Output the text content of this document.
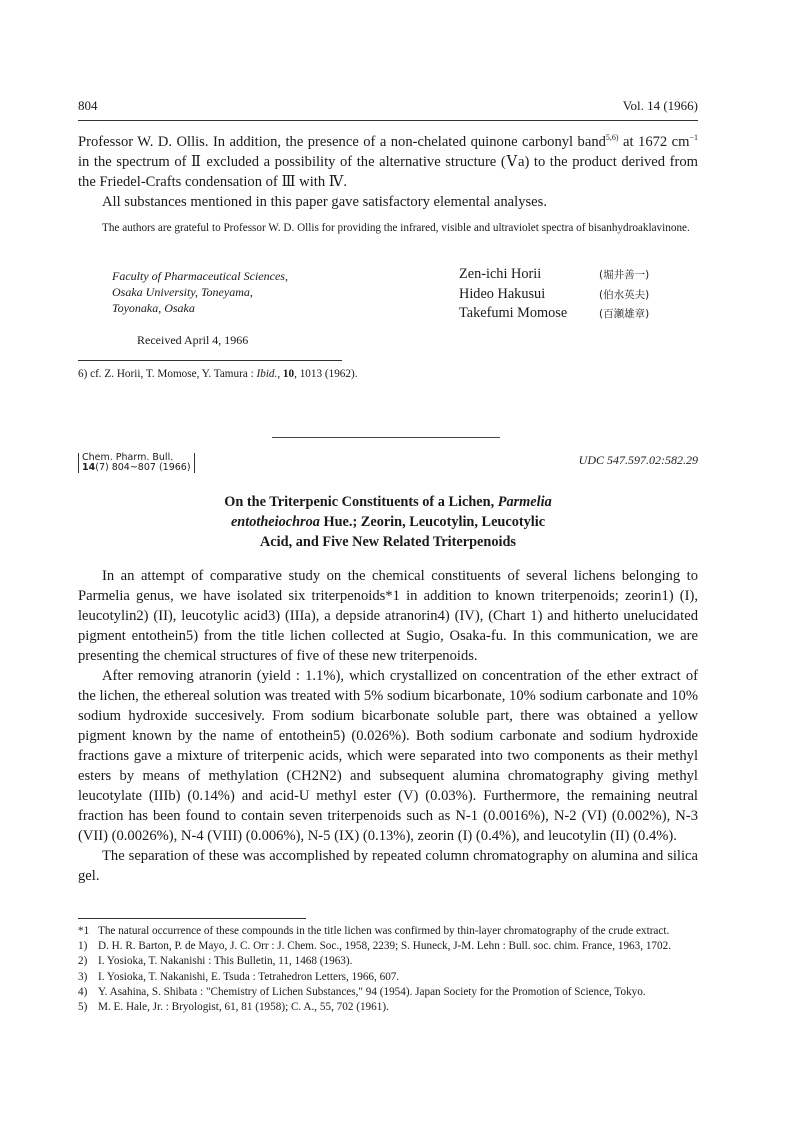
804	Vol. 14 (1966)

Professor W. D. Ollis. In addition, the presence of a non-chelated quinone carbonyl band$^{5,6)}$ at 1672 $cm^{-1}$ in the spectrum of Ⅱ excluded a possibility of the alternative structure (Ⅴa) to the product derived from the Friedel-Crafts condensation of Ⅲ with Ⅳ.

All substances mentioned in this paper gave satisfactory elemental analyses.

The authors are grateful to Professor W. D. Ollis for providing the infrared, visible and ultraviolet spectra of bisanhydroaklavinone.

Faculty of Pharmaceutical Sciences,
Osaka University, Toneyama,
Toyonaka, Osaka
Zen-ichi Horii	(堀井善一)
Hideo Hakusui	(伯水英夫)
Takefumi Momose	(百瀬雄章)
Received April 4, 1966
6) cf. Z. Horii, T. Momose, Y. Tamura : Ibid., 10, 1013 (1962).
Chem. Pharm. Bull.
14(7) 804~807 (1966)
UDC 547.597.02:582.29
On the Triterpenic Constituents of a Lichen, Parmelia
entotheiochroa Hue.; Zeorin, Leucotylin, Leucotylic
Acid, and Five New Related Triterpenoids

In an attempt of comparative study on the chemical constituents of several lichens belonging to Parmelia genus, we have isolated six triterpenoids*1 in addition to known triterpenoids; zeorin1) (I), leucotylin2) (II), leucotylic acid3) (IIIa), a depside atranorin4) (IV), (Chart 1) and hitherto unelucidated pigment entothein5) from the title lichen collected at Sugio, Osaka-fu. In this communication, we are presenting the chemical structures of five of these new triterpenoids.

After removing atranorin (yield : 1.1%), which crystallized on concentration of the ether extract of the lichen, the ethereal solution was treated with 5% sodium bicarbonate, 10% sodium carbonate and 10% sodium hydroxide succesively. From sodium bicarbonate soluble part, there was obtained a yellow pigment known by the name of entothein5) (0.026%). Both sodium carbonate and sodium hydroxide fractions gave a mixture of triterpenic acids, which were separated into two components as their methyl esters by means of methylation (CH2N2) and subsequent alumina chromatography giving methyl leucotylate (IIIb) (0.14%) and acid-U methyl ester (V) (0.03%). Furthermore, the remaining neutral fraction has been found to contain seven triterpenoids such as N-1 (0.0016%), N-2 (VI) (0.002%), N-3 (VII) (0.0026%), N-4 (VIII) (0.006%), N-5 (IX) (0.13%), zeorin (I) (0.4%), and leucotylin (II) (0.4%).

The separation of these was accomplished by repeated column chromatography on alumina and silica gel.

*1 The natural occurrence of these compounds in the title lichen was confirmed by thin-layer chromatography of the crude extract.
1) D. H. R. Barton, P. de Mayo, J. C. Orr : J. Chem. Soc., 1958, 2239; S. Huneck, J-M. Lehn : Bull. soc. chim. France, 1963, 1702.
2) I. Yosioka, T. Nakanishi : This Bulletin, 11, 1468 (1963).
3) I. Yosioka, T. Nakanishi, E. Tsuda : Tetrahedron Letters, 1966, 607.
4) Y. Asahina, S. Shibata : "Chemistry of Lichen Substances," 94 (1954). Japan Society for the Promotion of Science, Tokyo.
5) M. E. Hale, Jr. : Bryologist, 61, 81 (1958); C. A., 55, 702 (1961).
